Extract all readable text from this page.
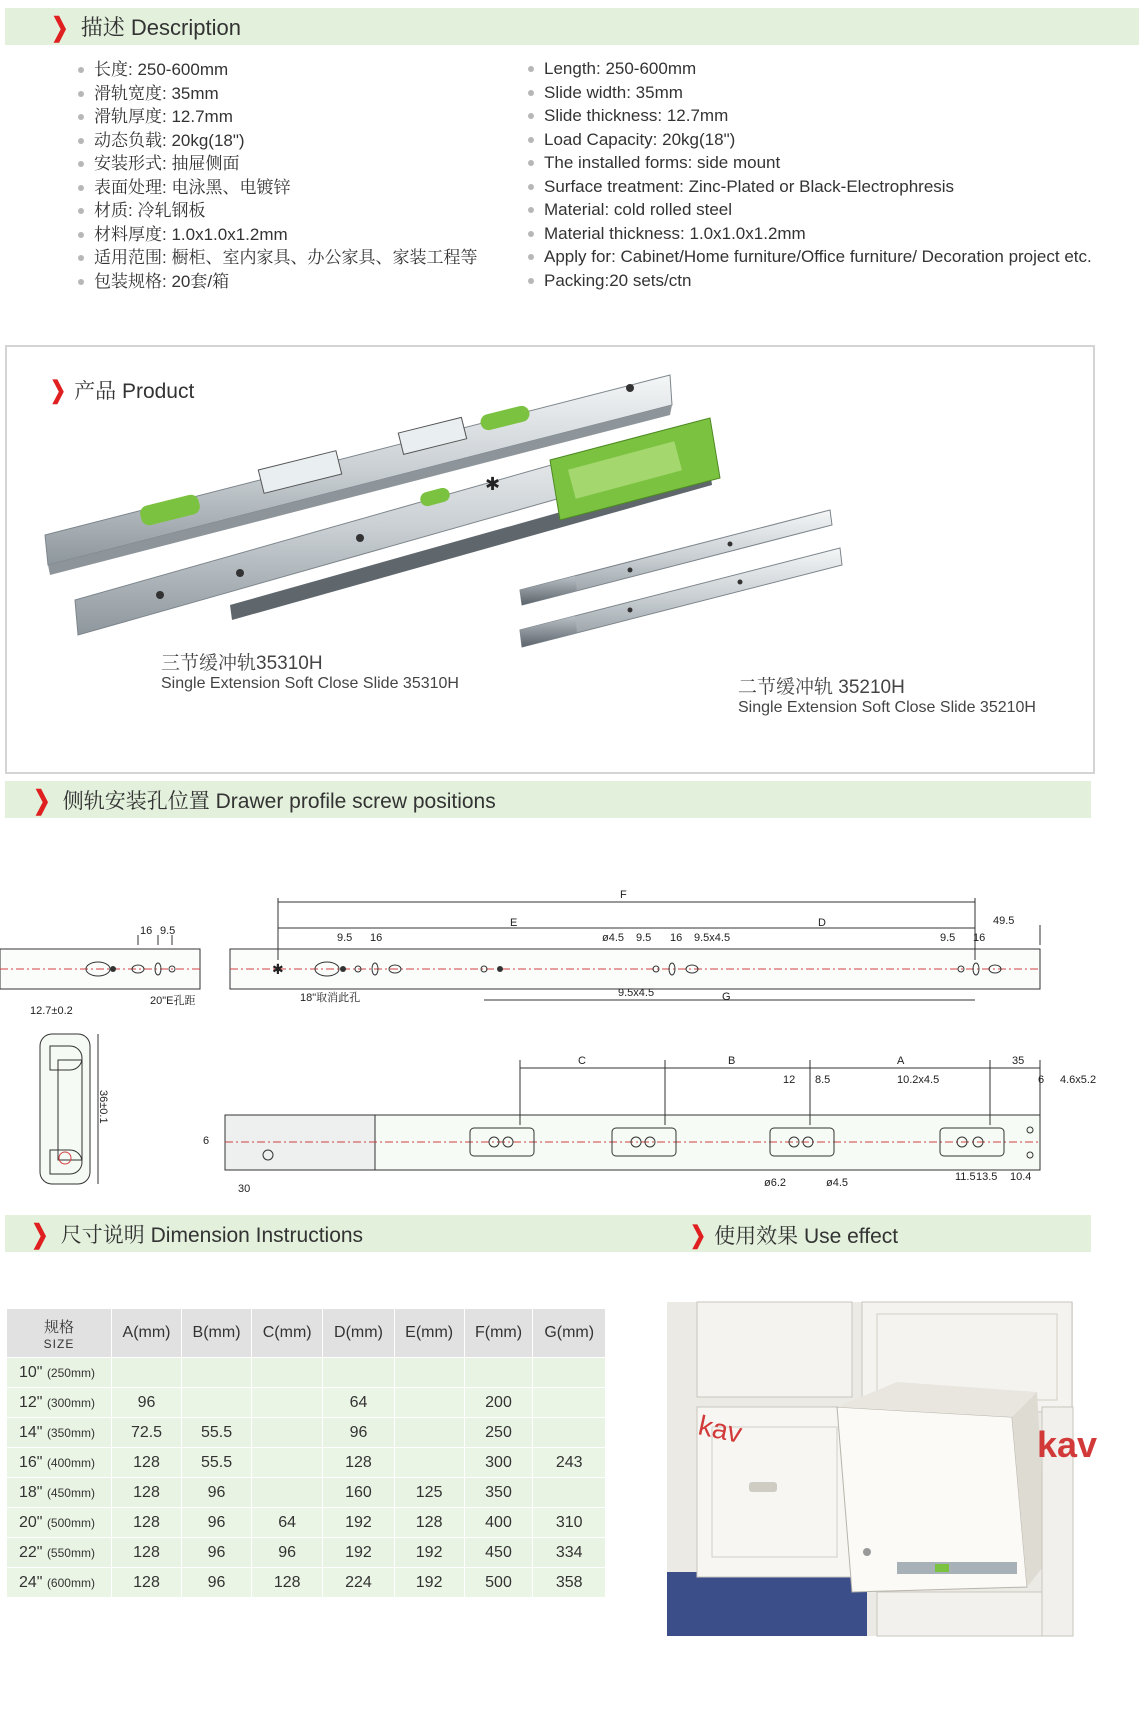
❯ 描述 Description
长度: 250-600mm
滑轨宽度: 35mm
滑轨厚度: 12.7mm
动态负载: 20kg(18")
安装形式: 抽屉侧面
表面处理: 电泳黑、电镀锌
材质: 冷轧钢板
材料厚度: 1.0x1.0x1.2mm
适用范围: 橱柜、室内家具、办公家具、家装工程等
包装规格: 20套/箱
Length: 250-600mm
Slide width: 35mm
Slide thickness: 12.7mm
Load Capacity: 20kg(18")
The installed forms: side mount
Surface treatment: Zinc-Plated or Black-Electrophresis
Material: cold rolled steel
Material thickness: 1.0x1.0x1.2mm
Apply for: Cabinet/Home furniture/Office furniture/ Decoration project etc.
Packing:20 sets/ctn
❯ 产品 Product
✱
三节缓冲轨35310H
Single Extension Soft Close Slide 35310H	二节缓冲轨 35210H
Single Extension Soft Close Slide 35210H
❯ 侧轨安装孔位置 Drawer profile screw positions
16 9.5
20"E孔距
12.7±0.2
36±0.1
✱
F
E	D	49.5
9.5 16	ø4.5 9.5 16 9.5x4.5	9.5 16
18"取消此孔	9.5x4.5	G
6
30
C	B	A	35
12 8.5	10.2x4.5	6 4.6x5.2
ø6.2	ø4.5	11.5 13.5 10.4
❯ 尺寸说明 Dimension Instructions	❯ 使用效果 Use effect
规格
SIZE	A(mm)	B(mm)	C(mm)	D(mm)	E(mm)	F(mm)	G(mm)
10" (250mm)							
12" (300mm)	96			64		200	
14" (350mm)	72.5	55.5		96		250	
16" (400mm)	128	55.5		128		300	243
18" (450mm)	128	96		160	125	350	
20" (500mm)	128	96	64	192	128	400	310
22" (550mm)	128	96	96	192	192	450	334
24" (600mm)	128	96	128	224	192	500	358
kav	kav
